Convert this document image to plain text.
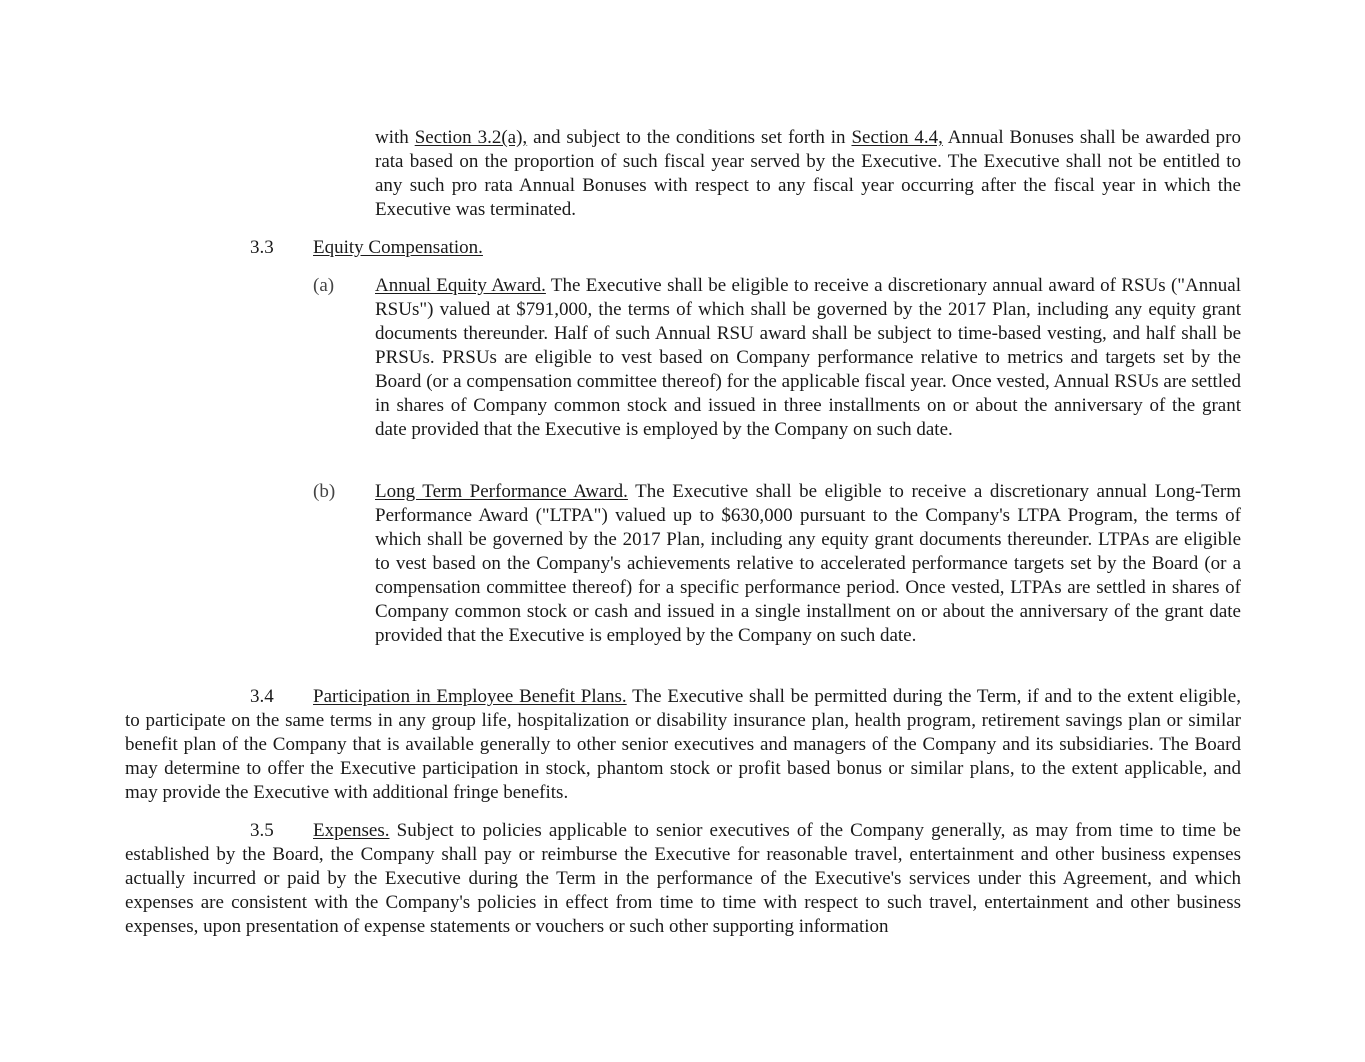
with Section 3.2(a), and subject to the conditions set forth in Section 4.4, Annual Bonuses shall be awarded pro rata based on the proportion of such fiscal year served by the Executive. The Executive shall not be entitled to any such pro rata Annual Bonuses with respect to any fiscal year occurring after the fiscal year in which the Executive was terminated.

3.3 Equity Compensation.

(a) Annual Equity Award. The Executive shall be eligible to receive a discretionary annual award of RSUs ("Annual RSUs") valued at $791,000, the terms of which shall be governed by the 2017 Plan, including any equity grant documents thereunder. Half of such Annual RSU award shall be subject to time-based vesting, and half shall be PRSUs. PRSUs are eligible to vest based on Company performance relative to metrics and targets set by the Board (or a compensation committee thereof) for the applicable fiscal year. Once vested, Annual RSUs are settled in shares of Company common stock and issued in three installments on or about the anniversary of the grant date provided that the Executive is employed by the Company on such date.

(b) Long Term Performance Award. The Executive shall be eligible to receive a discretionary annual Long-Term Performance Award ("LTPA") valued up to $630,000 pursuant to the Company's LTPA Program, the terms of which shall be governed by the 2017 Plan, including any equity grant documents thereunder. LTPAs are eligible to vest based on the Company's achievements relative to accelerated performance targets set by the Board (or a compensation committee thereof) for a specific performance period. Once vested, LTPAs are settled in shares of Company common stock or cash and issued in a single installment on or about the anniversary of the grant date provided that the Executive is employed by the Company on such date.

3.4 Participation in Employee Benefit Plans. The Executive shall be permitted during the Term, if and to the extent eligible, to participate on the same terms in any group life, hospitalization or disability insurance plan, health program, retirement savings plan or similar benefit plan of the Company that is available generally to other senior executives and managers of the Company and its subsidiaries. The Board may determine to offer the Executive participation in stock, phantom stock or profit based bonus or similar plans, to the extent applicable, and may provide the Executive with additional fringe benefits.

3.5 Expenses. Subject to policies applicable to senior executives of the Company generally, as may from time to time be established by the Board, the Company shall pay or reimburse the Executive for reasonable travel, entertainment and other business expenses actually incurred or paid by the Executive during the Term in the performance of the Executive's services under this Agreement, and which expenses are consistent with the Company's policies in effect from time to time with respect to such travel, entertainment and other business expenses, upon presentation of expense statements or vouchers or such other supporting information
